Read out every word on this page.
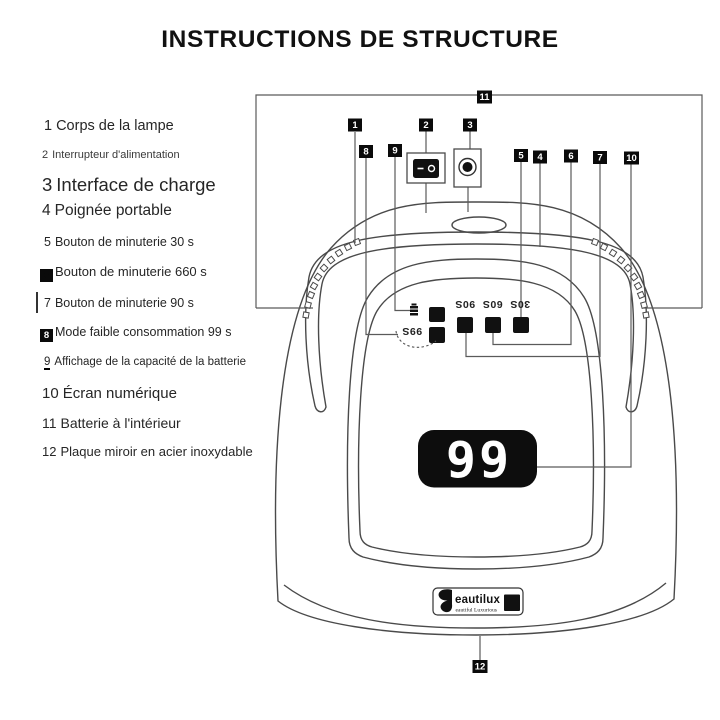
INSTRUCTIONS DE STRUCTURE
1 Corps de la lampe
2 Interrupteur d'alimentation
3 Interface de charge
4 Poignée portable
5 Bouton de minuterie 30 s
6 Bouton de minuterie 660 s
7 Bouton de minuterie 90 s
8 Mode faible consommation 99 s
9 Affichage de la capacité de la batterie
10 Écran numérique
11 Batterie à l'intérieur
12 Plaque miroir en acier inoxydable
99S
90S 60S 30S
99
eautilux
eautiful Luxurious
1	2	3
8 9	5 4	6 7 10
11
12
